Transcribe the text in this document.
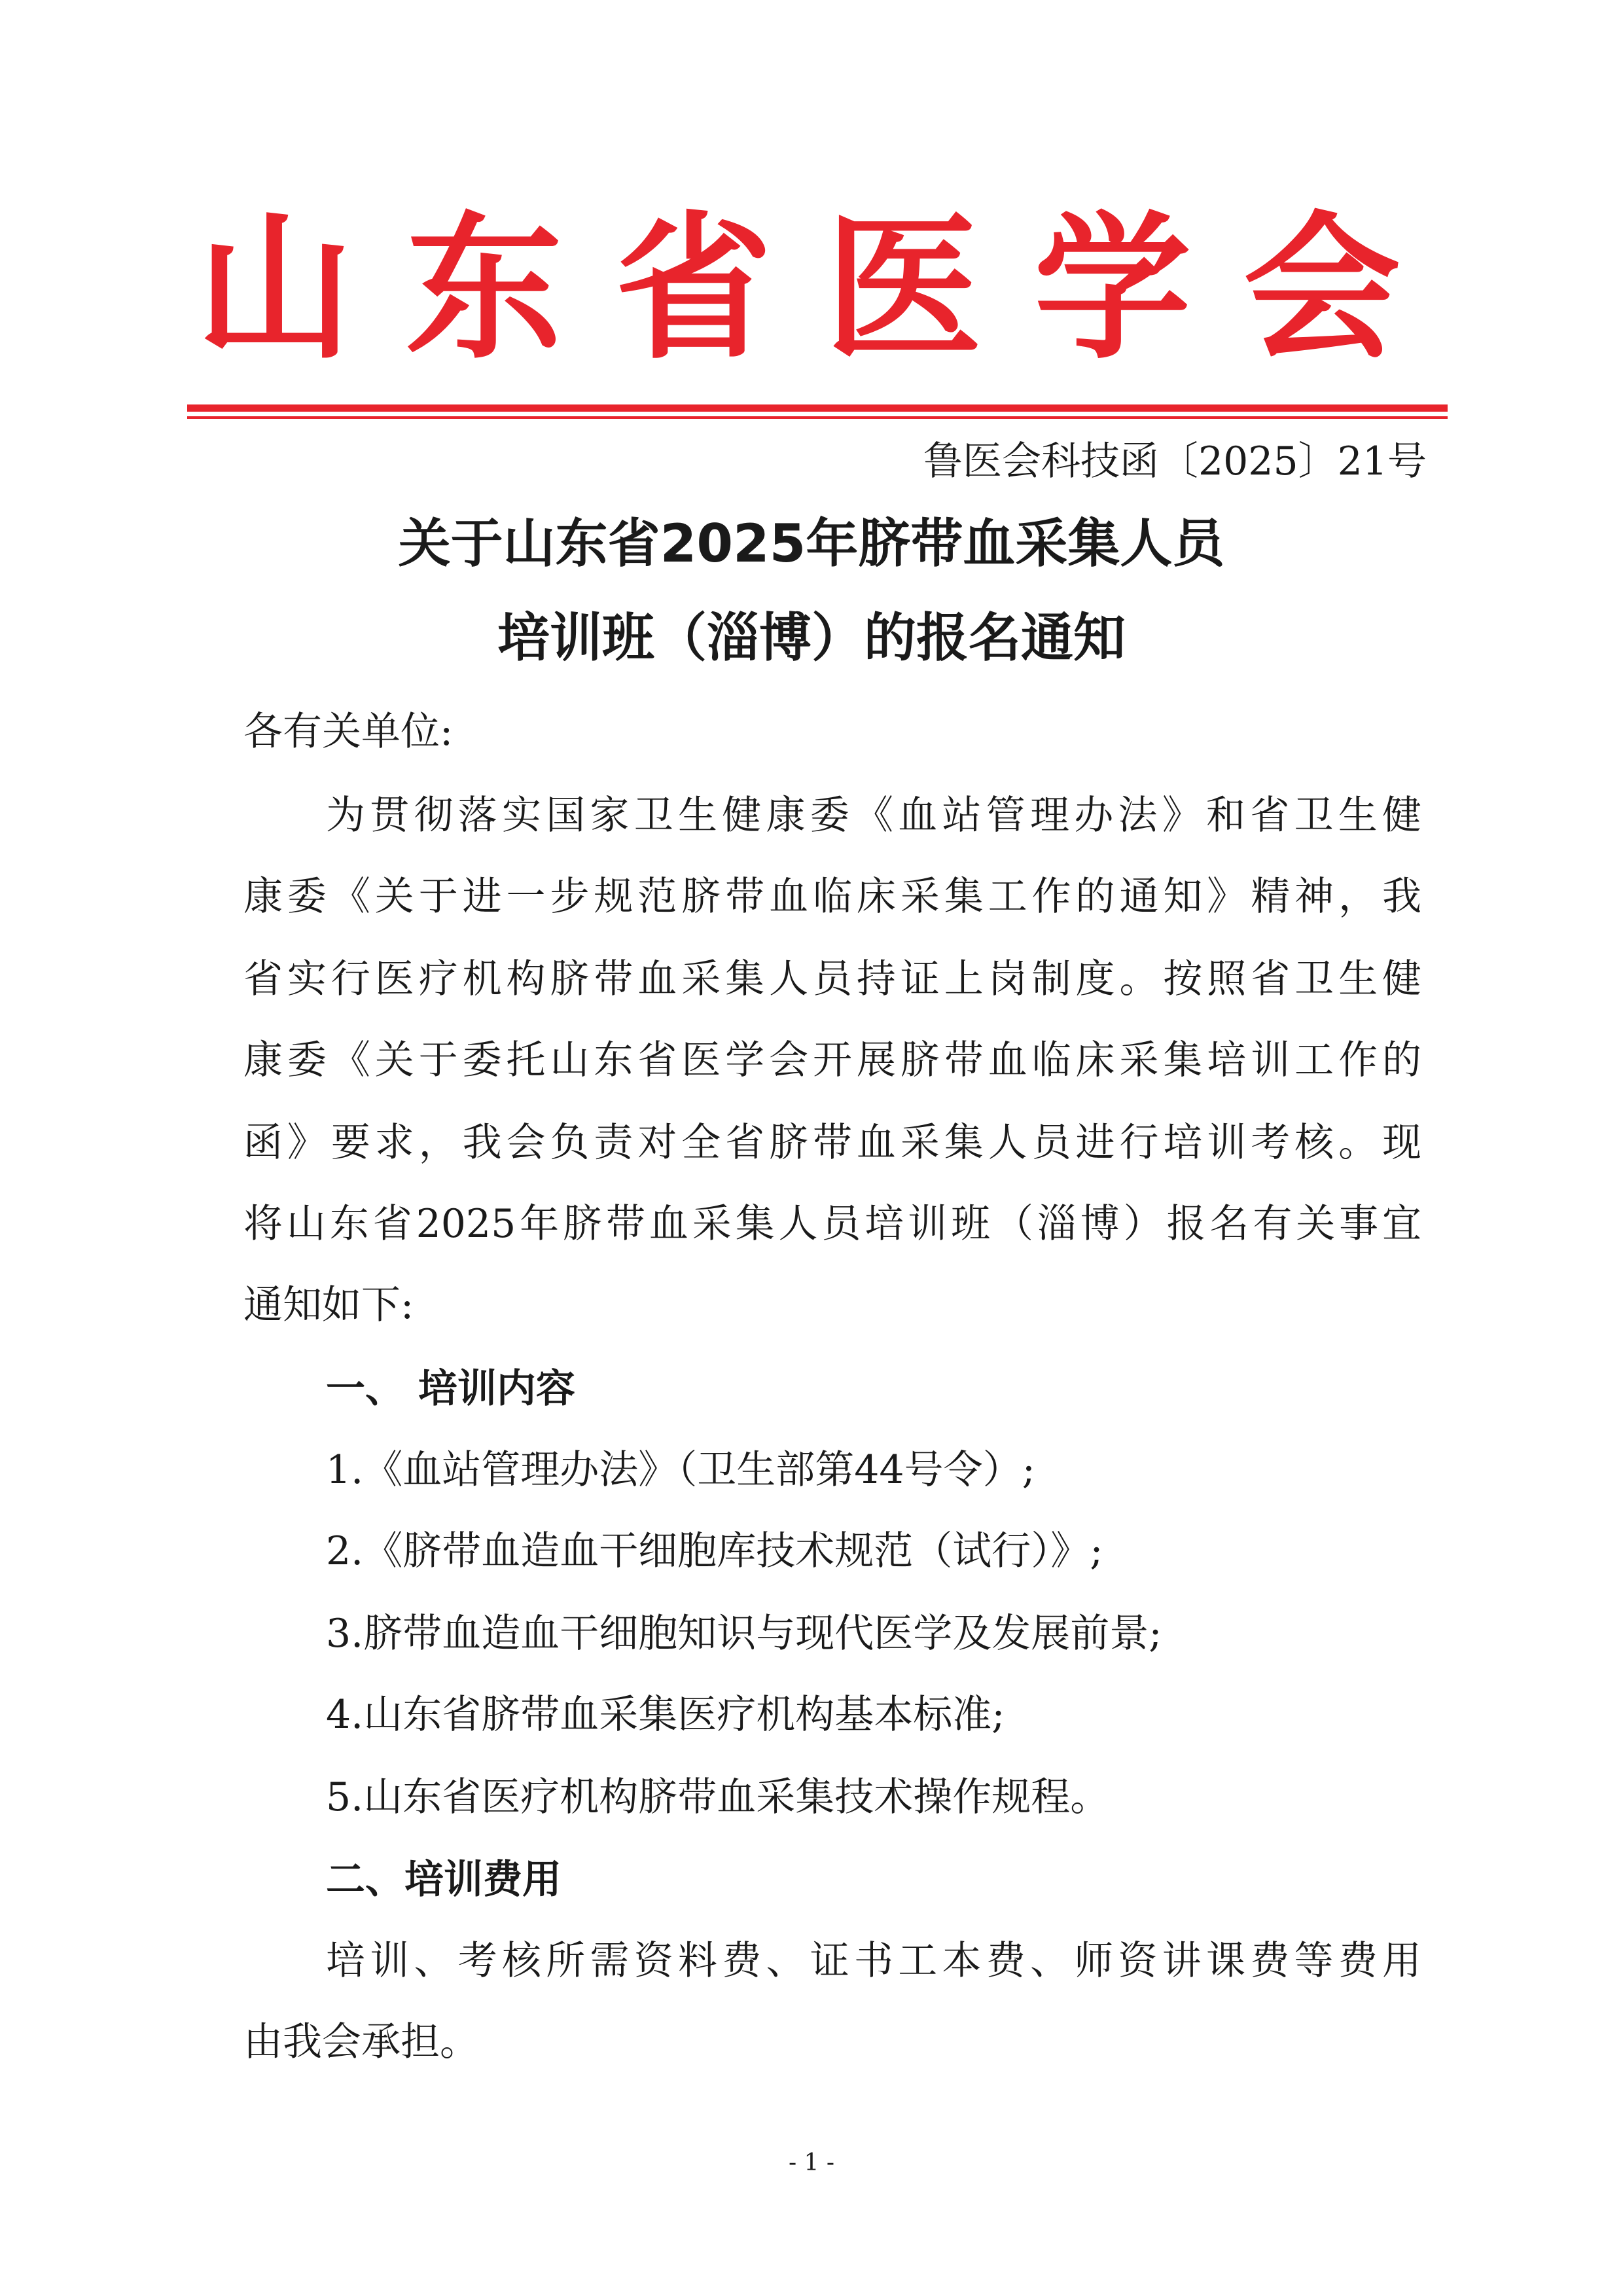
山东省医学会
鲁医会科技函〔2025〕21号
关于山东省2025年脐带血采集人员
培训班（淄博）的报名通知
各有关单位:
为贯彻落实国家卫生健康委《血站管理办法》和省卫生健
康委《关于进一步规范脐带血临床采集工作的通知》精神，我
省实行医疗机构脐带血采集人员持证上岗制度。按照省卫生健
康委《关于委托山东省医学会开展脐带血临床采集培训工作的
函》要求，我会负责对全省脐带血采集人员进行培训考核。现
将山东省2025年脐带血采集人员培训班（淄博）报名有关事宜
通知如下:
一、 培训内容
1.《血站管理办法》（卫生部第44号令）;
2.《脐带血造血干细胞库技术规范（试行）》;
3.脐带血造血干细胞知识与现代医学及发展前景;
4.山东省脐带血采集医疗机构基本标准;
5.山东省医疗机构脐带血采集技术操作规程。
二、培训费用
培训、考核所需资料费、证书工本费、师资讲课费等费用
由我会承担。
- 1 -
